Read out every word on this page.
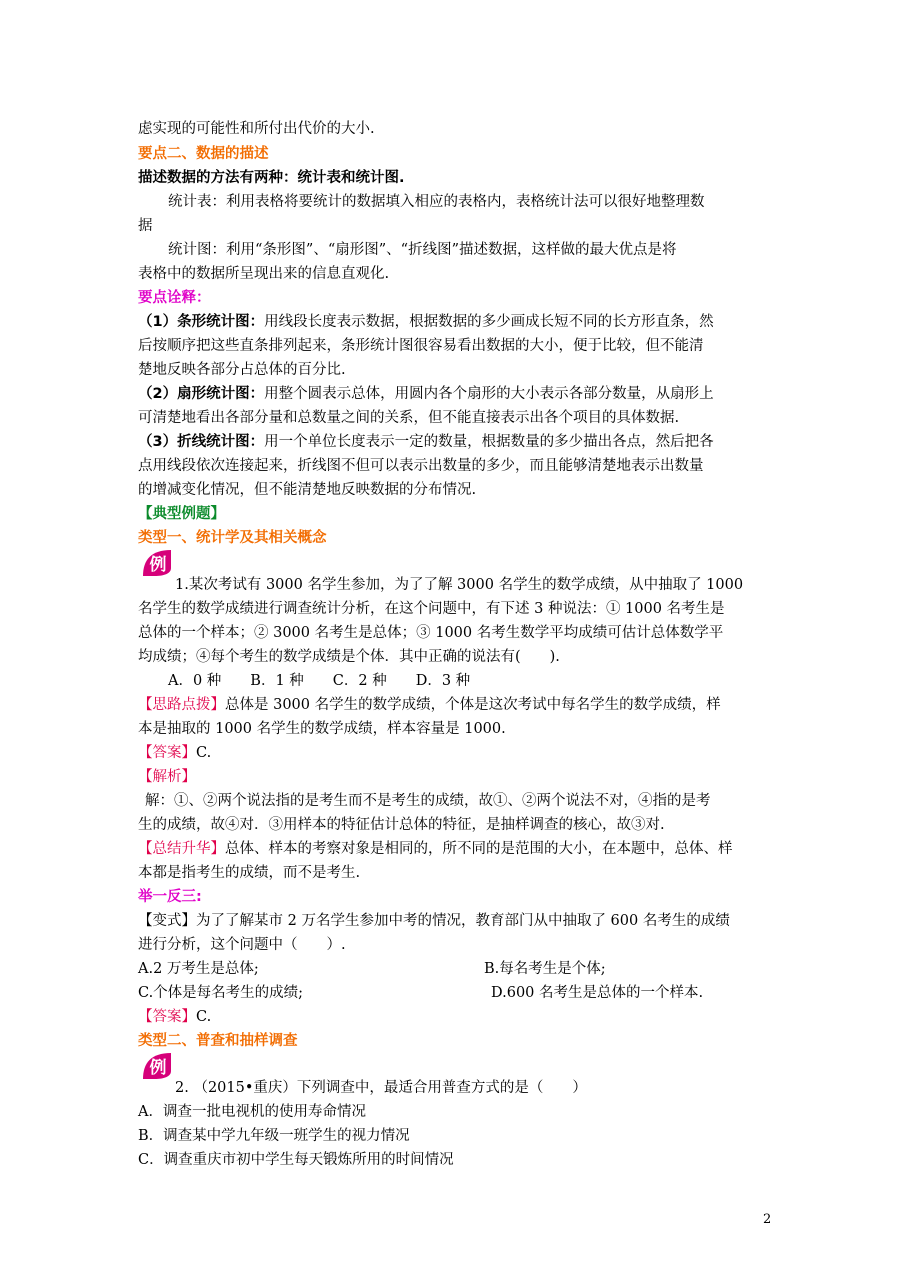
虑实现的可能性和所付出代价的大小.
要点二、数据的描述
描述数据的方法有两种：统计表和统计图.
统计表：利用表格将要统计的数据填入相应的表格内，表格统计法可以很好地整理数
据
统计图：利用“条形图”、“扇形图”、“折线图”描述数据，这样做的最大优点是将
表格中的数据所呈现出来的信息直观化.
要点诠释：
（1）条形统计图：用线段长度表示数据，根据数据的多少画成长短不同的长方形直条，然
后按顺序把这些直条排列起来，条形统计图很容易看出数据的大小，便于比较，但不能清
楚地反映各部分占总体的百分比.
（2）扇形统计图：用整个圆表示总体，用圆内各个扇形的大小表示各部分数量，从扇形上
可清楚地看出各部分量和总数量之间的关系，但不能直接表示出各个项目的具体数据.
（3）折线统计图：用一个单位长度表示一定的数量，根据数量的多少描出各点，然后把各
点用线段依次连接起来，折线图不但可以表示出数量的多少，而且能够清楚地表示出数量
的增减变化情况，但不能清楚地反映数据的分布情况.
【典型例题】
类型一、统计学及其相关概念
例
1.某次考试有 3000 名学生参加，为了了解 3000 名学生的数学成绩，从中抽取了 1000
名学生的数学成绩进行调查统计分析，在这个问题中，有下述 3 种说法：① 1000 名考生是
总体的一个样本；② 3000 名考生是总体；③ 1000 名考生数学平均成绩可估计总体数学平
均成绩；④每个考生的数学成绩是个体．其中正确的说法有(　　).
A．0 种　　B．1 种　　C．2 种　　D．3 种
【思路点拨】总体是 3000 名学生的数学成绩，个体是这次考试中每名学生的数学成绩，样
本是抽取的 1000 名学生的数学成绩，样本容量是 1000.
【答案】C.
【解析】
解：①、②两个说法指的是考生而不是考生的成绩，故①、②两个说法不对，④指的是考
生的成绩，故④对．③用样本的特征估计总体的特征，是抽样调查的核心，故③对.
【总结升华】总体、样本的考察对象是相同的，所不同的是范围的大小，在本题中，总体、样
本都是指考生的成绩，而不是考生.
举一反三:
【变式】为了了解某市 2 万名学生参加中考的情况，教育部门从中抽取了 600 名考生的成绩
进行分析，这个问题中（　　）.
A.2 万考生是总体;	B.每名考生是个体;
C.个体是每名考生的成绩;	D.600 名考生是总体的一个样本.
【答案】C.
类型二、普查和抽样调查
例
2. （2015•重庆）下列调查中，最适合用普查方式的是（　　）
A．调查一批电视机的使用寿命情况
B．调查某中学九年级一班学生的视力情况
C．调查重庆市初中学生每天锻炼所用的时间情况
2
